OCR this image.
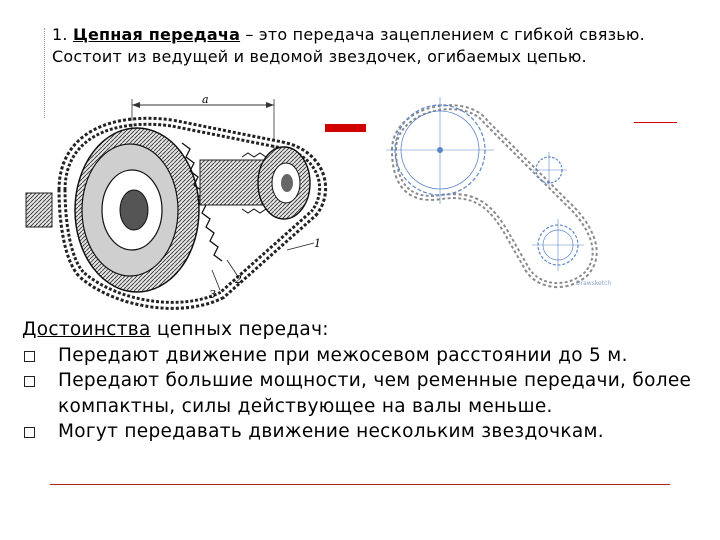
1. Цепная передача – это передача зацеплением с гибкой связью. Состоит из ведущей и ведомой звездочек, огибаемых цепью.
a
1
2
3
Drawsketch
Достоинства цепных передач:
Передают движение при межосевом расстоянии до 5 м.
Передают большие мощности, чем ременные передачи, более компактны, силы действующее на валы меньше.
Могут передавать движение нескольким звездочкам.
